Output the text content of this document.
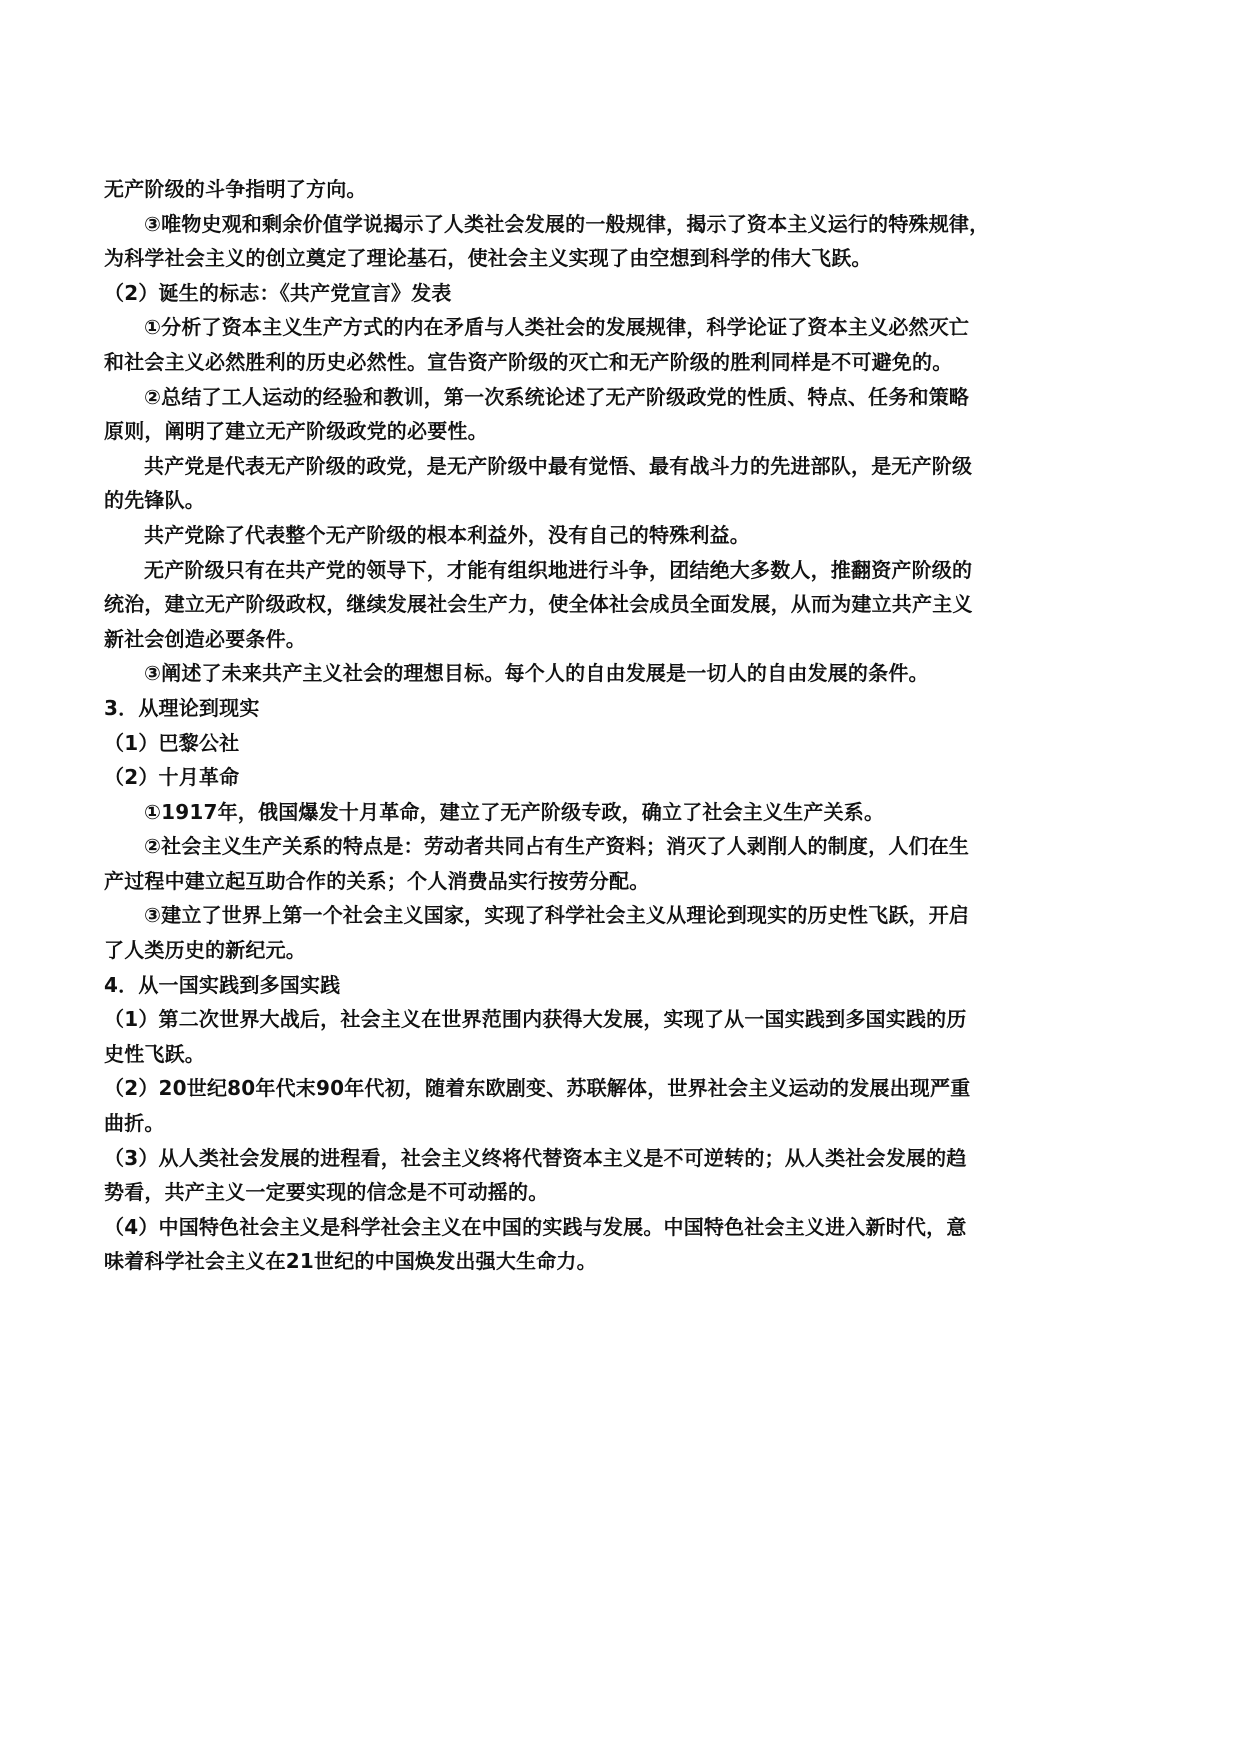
无产阶级的斗争指明了方向。
③唯物史观和剩余价值学说揭示了人类社会发展的一般规律，揭示了资本主义运行的特殊规律，
为科学社会主义的创立奠定了理论基石，使社会主义实现了由空想到科学的伟大飞跃。
（2）诞生的标志：《共产党宣言》发表
①分析了资本主义生产方式的内在矛盾与人类社会的发展规律，科学论证了资本主义必然灭亡
和社会主义必然胜利的历史必然性。宣告资产阶级的灭亡和无产阶级的胜利同样是不可避免的。
②总结了工人运动的经验和教训，第一次系统论述了无产阶级政党的性质、特点、任务和策略
原则，阐明了建立无产阶级政党的必要性。
共产党是代表无产阶级的政党，是无产阶级中最有觉悟、最有战斗力的先进部队，是无产阶级
的先锋队。
共产党除了代表整个无产阶级的根本利益外，没有自己的特殊利益。
无产阶级只有在共产党的领导下，才能有组织地进行斗争，团结绝大多数人，推翻资产阶级的
统治，建立无产阶级政权，继续发展社会生产力，使全体社会成员全面发展，从而为建立共产主义
新社会创造必要条件。
③阐述了未来共产主义社会的理想目标。每个人的自由发展是一切人的自由发展的条件。
3．从理论到现实
（1）巴黎公社
（2）十月革命
①1917年，俄国爆发十月革命，建立了无产阶级专政，确立了社会主义生产关系。
②社会主义生产关系的特点是：劳动者共同占有生产资料；消灭了人剥削人的制度，人们在生
产过程中建立起互助合作的关系；个人消费品实行按劳分配。
③建立了世界上第一个社会主义国家，实现了科学社会主义从理论到现实的历史性飞跃，开启
了人类历史的新纪元。
4．从一国实践到多国实践
（1）第二次世界大战后，社会主义在世界范围内获得大发展，实现了从一国实践到多国实践的历
史性飞跃。
（2）20世纪80年代末90年代初，随着东欧剧变、苏联解体，世界社会主义运动的发展出现严重
曲折。
（3）从人类社会发展的进程看，社会主义终将代替资本主义是不可逆转的；从人类社会发展的趋
势看，共产主义一定要实现的信念是不可动摇的。
（4）中国特色社会主义是科学社会主义在中国的实践与发展。中国特色社会主义进入新时代，意
味着科学社会主义在21世纪的中国焕发出强大生命力。
